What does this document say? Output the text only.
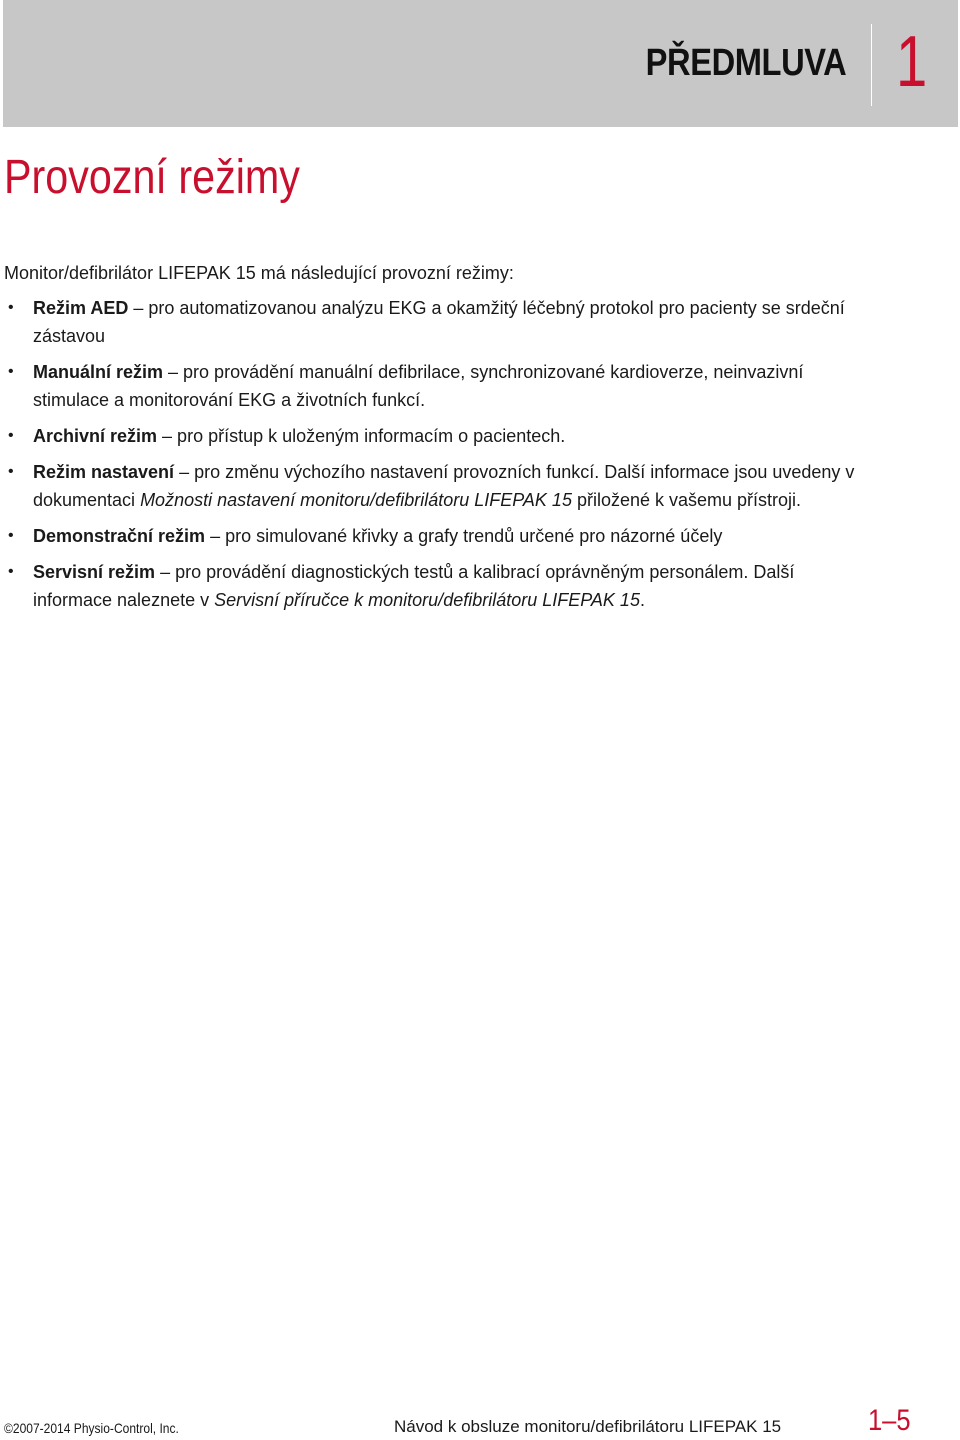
PŘEDMLUVA 1
Provozní režimy

Monitor/defibrilátor LIFEPAK 15 má následující provozní režimy:

• Režim AED – pro automatizovanou analýzu EKG a okamžitý léčebný protokol pro pacienty se srdeční zástavou
• Manuální režim – pro provádění manuální defibrilace, synchronizované kardioverze, neinvazivní stimulace a monitorování EKG a životních funkcí.
• Archivní režim – pro přístup k uloženým informacím o pacientech.
• Režim nastavení – pro změnu výchozího nastavení provozních funkcí. Další informace jsou uvedeny v dokumentaci Možnosti nastavení monitoru/defibrilátoru LIFEPAK 15 přiložené k vašemu přístroji.
• Demonstrační režim – pro simulované křivky a grafy trendů určené pro názorné účely
• Servisní režim – pro provádění diagnostických testů a kalibrací oprávněným personálem. Další informace naleznete v Servisní příručce k monitoru/defibrilátoru LIFEPAK 15.
©2007-2014 Physio-Control, Inc.	Návod k obsluze monitoru/defibrilátoru LIFEPAK 15	1–5
